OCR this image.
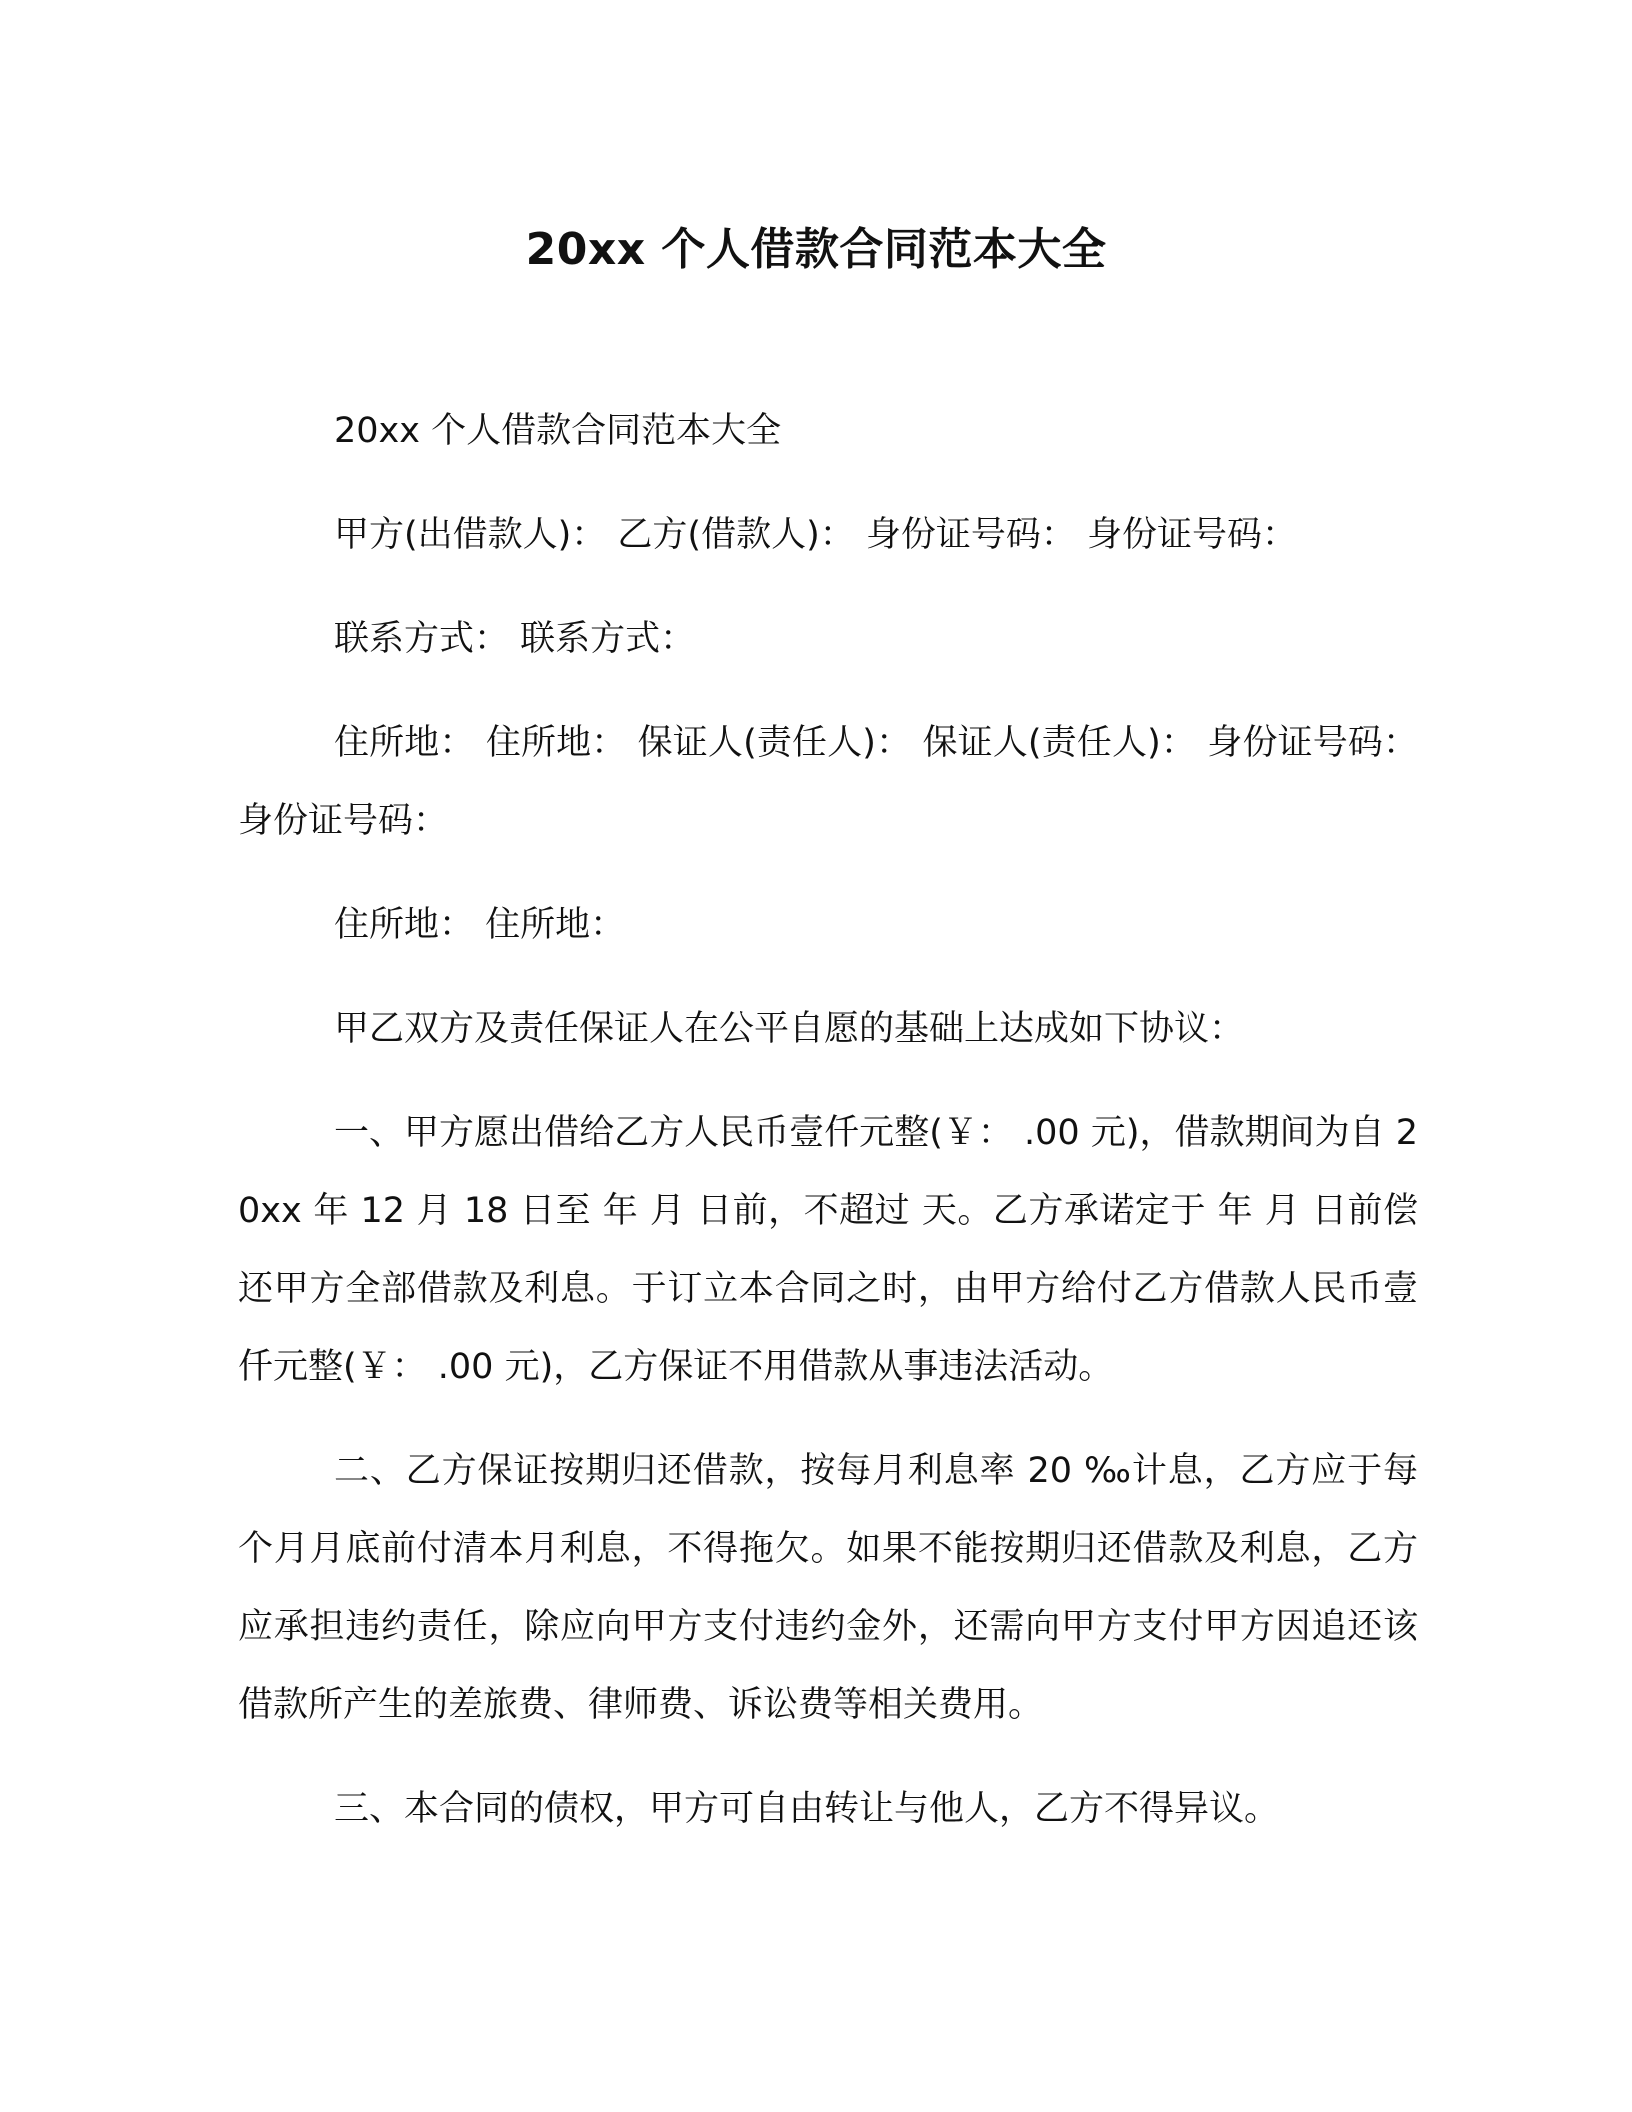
20xx 个人借款合同范本大全

20xx 个人借款合同范本大全

甲方(出借款人)： 乙方(借款人)： 身份证号码： 身份证号码：

联系方式： 联系方式：

住所地： 住所地： 保证人(责任人)： 保证人(责任人)： 身份证号码： 身份证号码：

住所地： 住所地：

甲乙双方及责任保证人在公平自愿的基础上达成如下协议：

一、甲方愿出借给乙方人民币壹仟元整(￥： .00 元)，借款期间为自 20xx 年 12 月 18 日至 年 月 日前，不超过 天。乙方承诺定于 年 月 日前偿还甲方全部借款及利息。于订立本合同之时，由甲方给付乙方借款人民币壹仟元整(￥： .00 元)，乙方保证不用借款从事违法活动。

二、乙方保证按期归还借款，按每月利息率 20 ‰计息，乙方应于每个月月底前付清本月利息，不得拖欠。如果不能按期归还借款及利息，乙方应承担违约责任，除应向甲方支付违约金外，还需向甲方支付甲方因追还该借款所产生的差旅费、律师费、诉讼费等相关费用。

三、本合同的债权，甲方可自由转让与他人，乙方不得异议。
